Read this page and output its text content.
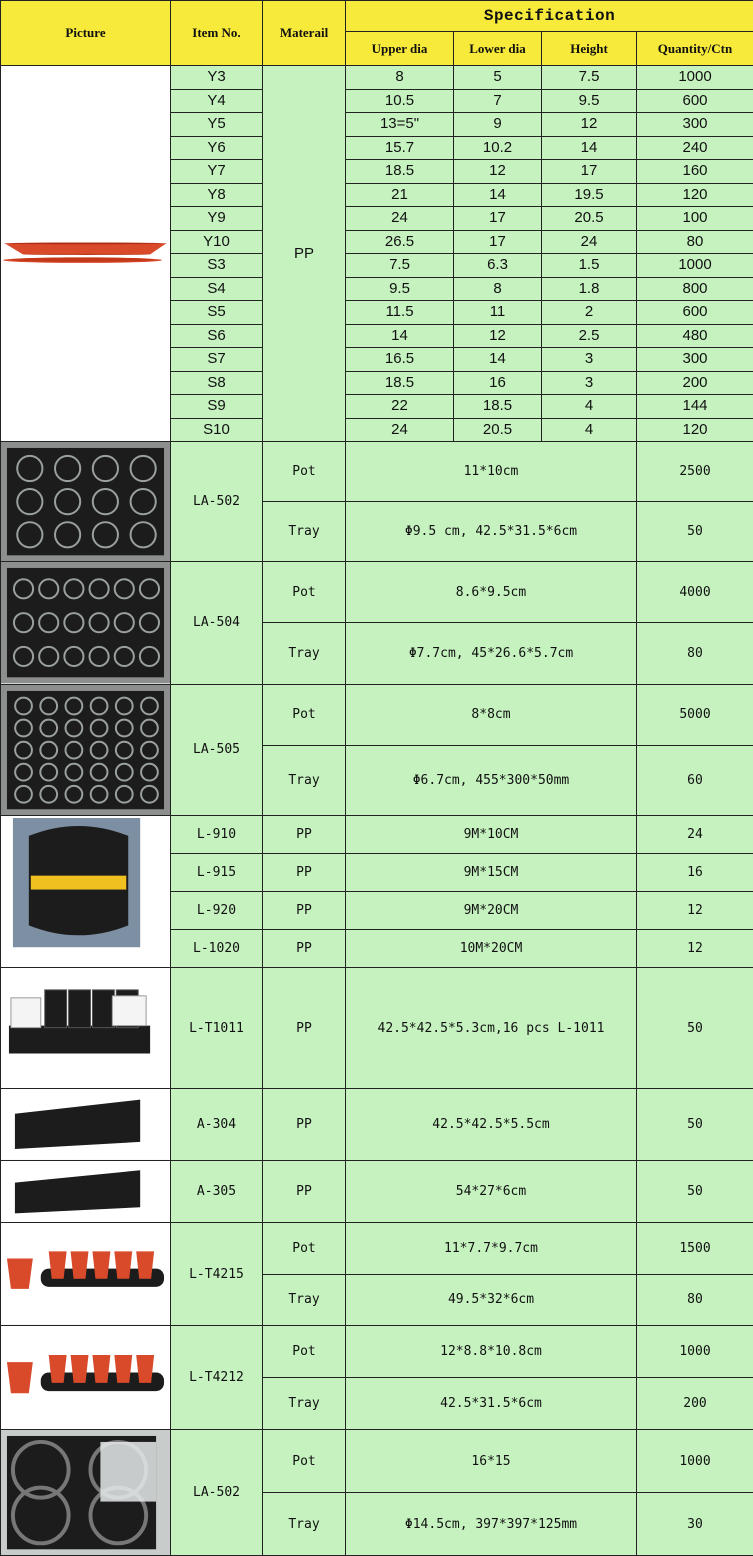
Picture	Item No.	Materail	Specification			
			Upper dia	Lower dia	Height	Quantity/Ctn

	Y3	PP	8	5	7.5	1000
	Y4		10.5	7	9.5	600
	Y5		13=5"	9	12	300
	Y6		15.7	10.2	14	240
	Y7		18.5	12	17	160
	Y8		21	14	19.5	120
	Y9		24	17	20.5	100
	Y10		26.5	17	24	80
	S3		7.5	6.3	1.5	1000
	S4		9.5	8	1.8	800
	S5		11.5	11	2	600
	S6		14	12	2.5	480
	S7		16.5	14	3	300
	S8		18.5	16	3	200
	S9		22	18.5	4	144
	S10		24	20.5	4	120

	LA-502	Pot	11*10cm			2500
		Tray	Φ9.5 cm, 42.5*31.5*6cm			50

	LA-504	Pot	8.6*9.5cm			4000
		Tray	Φ7.7cm, 45*26.6*5.7cm			80

	LA-505	Pot	8*8cm			5000
		Tray	Φ6.7cm, 455*300*50mm			60

	L-910	PP	9M*10CM			24
	L-915	PP	9M*15CM			16
	L-920	PP	9M*20CM			12
	L-1020	PP	10M*20CM			12

	L-T1011	PP	42.5*42.5*5.3cm,16 pcs L-1011			50

	A-304	PP	42.5*42.5*5.5cm			50

	A-305	PP	54*27*6cm			50

	L-T4215	Pot	11*7.7*9.7cm			1500
		Tray	49.5*32*6cm			80

	L-T4212	Pot	12*8.8*10.8cm			1000
		Tray	42.5*31.5*6cm			200

	LA-502	Pot	16*15			1000
		Tray	Φ14.5cm, 397*397*125mm			30
